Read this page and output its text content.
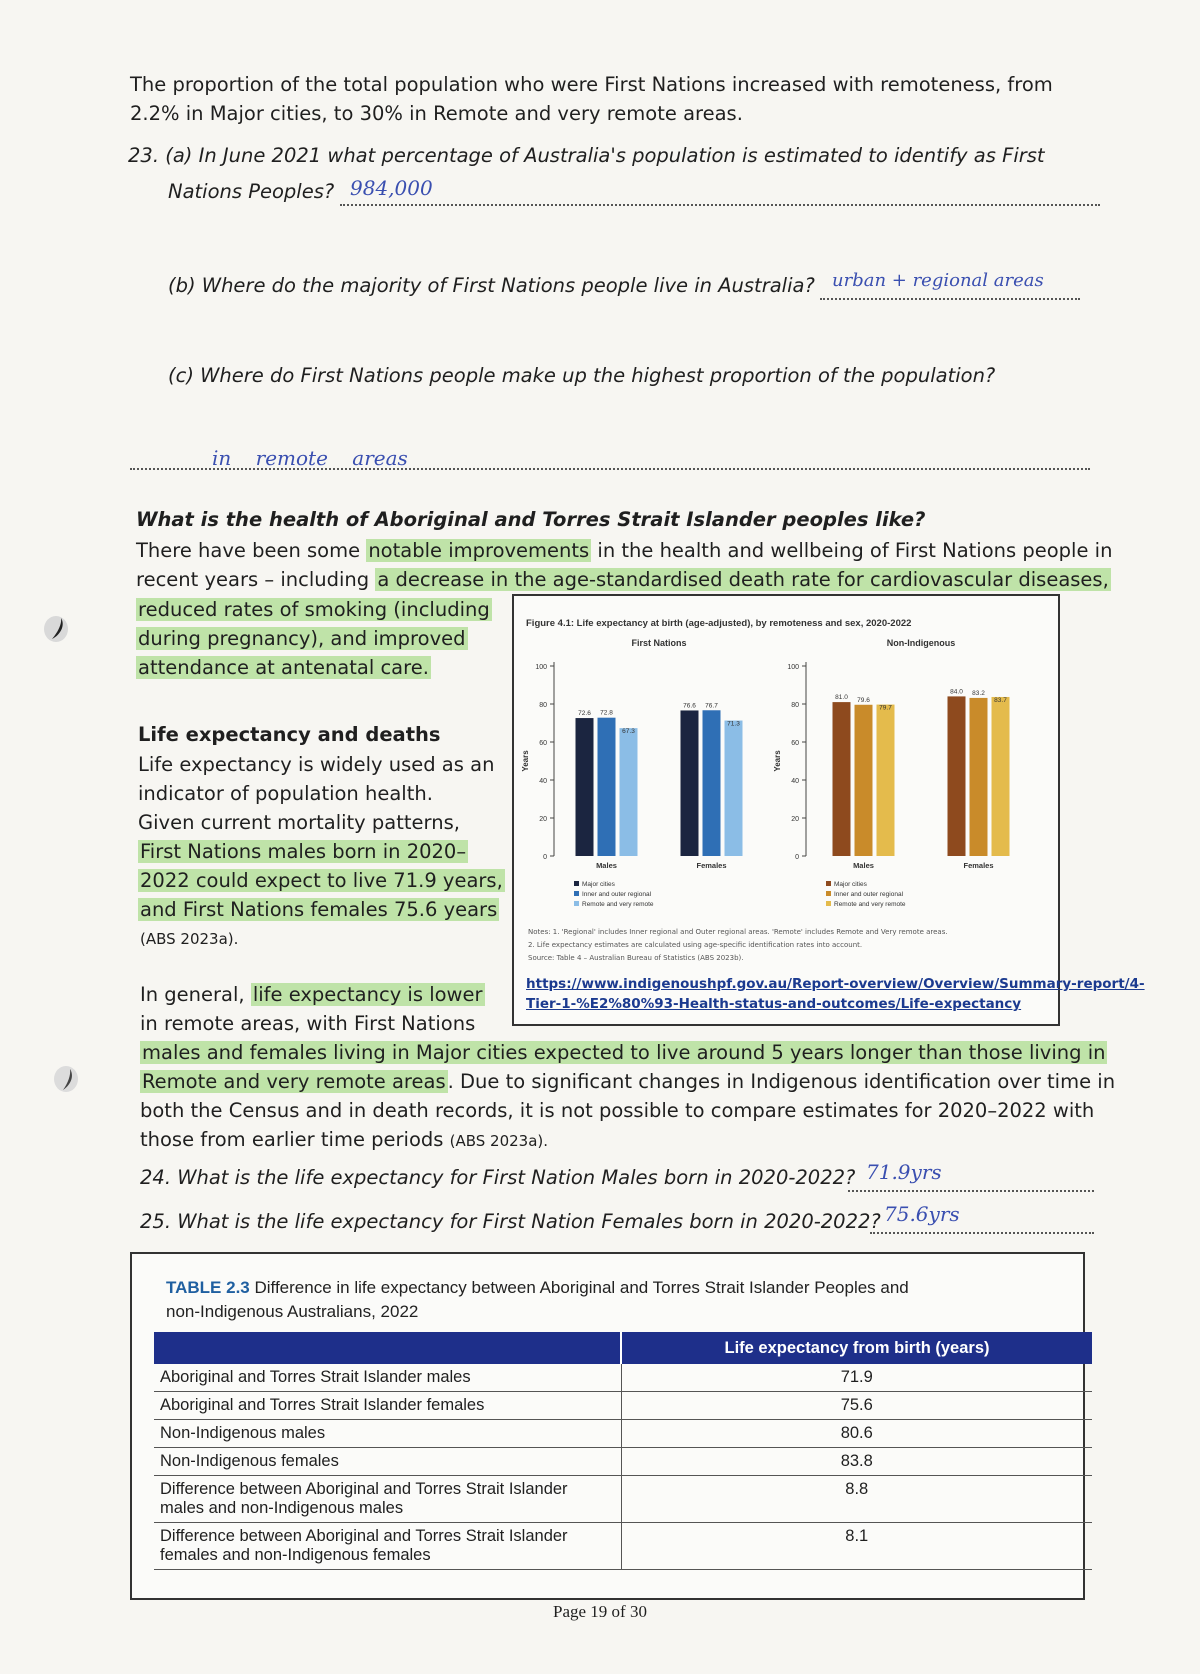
The proportion of the total population who were First Nations increased with remoteness, from 2.2% in Major cities, to 30% in Remote and very remote areas.
23. (a) In June 2021 what percentage of Australia's population is estimated to identify as First
Nations Peoples? 984,000
(b) Where do the majority of First Nations people live in Australia? urban + regional areas
(c) Where do First Nations people make up the highest proportion of the population?
in remote areas
What is the health of Aboriginal and Torres Strait Islander peoples like?
There have been some notable improvements in the health and wellbeing of First Nations people in
recent years – including a decrease in the age-standardised death rate for cardiovascular diseases,
reduced rates of smoking (including
during pregnancy), and improved
attendance at antenatal care.
Life expectancy and deaths
Life expectancy is widely used as an
indicator of population health.
Given current mortality patterns,
First Nations males born in 2020–
2022 could expect to live 71.9 years,
and First Nations females 75.6 years
(ABS 2023a).
In general, life expectancy is lower
in remote areas, with First Nations
males and females living in Major cities expected to live around 5 years longer than those living in
Remote and very remote areas . Due to significant changes in Indigenous identification over time in
both the Census and in death records, it is not possible to compare estimates for 2020–2022 with
those from earlier time periods (ABS 2023a).
Figure 4.1: Life expectancy at birth (age-adjusted), by remoteness and sex, 2020-2022
First Nations
Years
0
20
40
60
80
100
72.6 72.8
67.3
Males
76.6 76.7
71.3
Females
Major cities
Inner and outer regional
Remote and very remote
Non-Indigenous
Years
0
20
40
60
80
100
81.0 79.6
79.7
Males
84.0 83.2
83.7
Females
Major cities
Inner and outer regional
Remote and very remote
Notes: 1. 'Regional' includes Inner regional and Outer regional areas. 'Remote' includes Remote and Very remote areas.
2. Life expectancy estimates are calculated using age-specific identification rates into account.
Source: Table 4 – Australian Bureau of Statistics (ABS 2023b).
https://www.indigenoushpf.gov.au/Report-overview/Overview/Summary-report/4-
Tier-1-%E2%80%93-Health-status-and-outcomes/Life-expectancy
24. What is the life expectancy for First Nation Males born in 2020-2022? 71.9yrs
25. What is the life expectancy for First Nation Females born in 2020-2022? 75.6yrs
TABLE 2.3 Difference in life expectancy between Aboriginal and Torres Strait Islander Peoples and
non-Indigenous Australians, 2022
	Life expectancy from birth (years)
Aboriginal and Torres Strait Islander males	71.9
Aboriginal and Torres Strait Islander females	75.6
Non-Indigenous males	80.6
Non-Indigenous females	83.8
Difference between Aboriginal and Torres Strait Islander males and non-Indigenous males	8.8
Difference between Aboriginal and Torres Strait Islander females and non-Indigenous females	8.1
Page 19 of 30
